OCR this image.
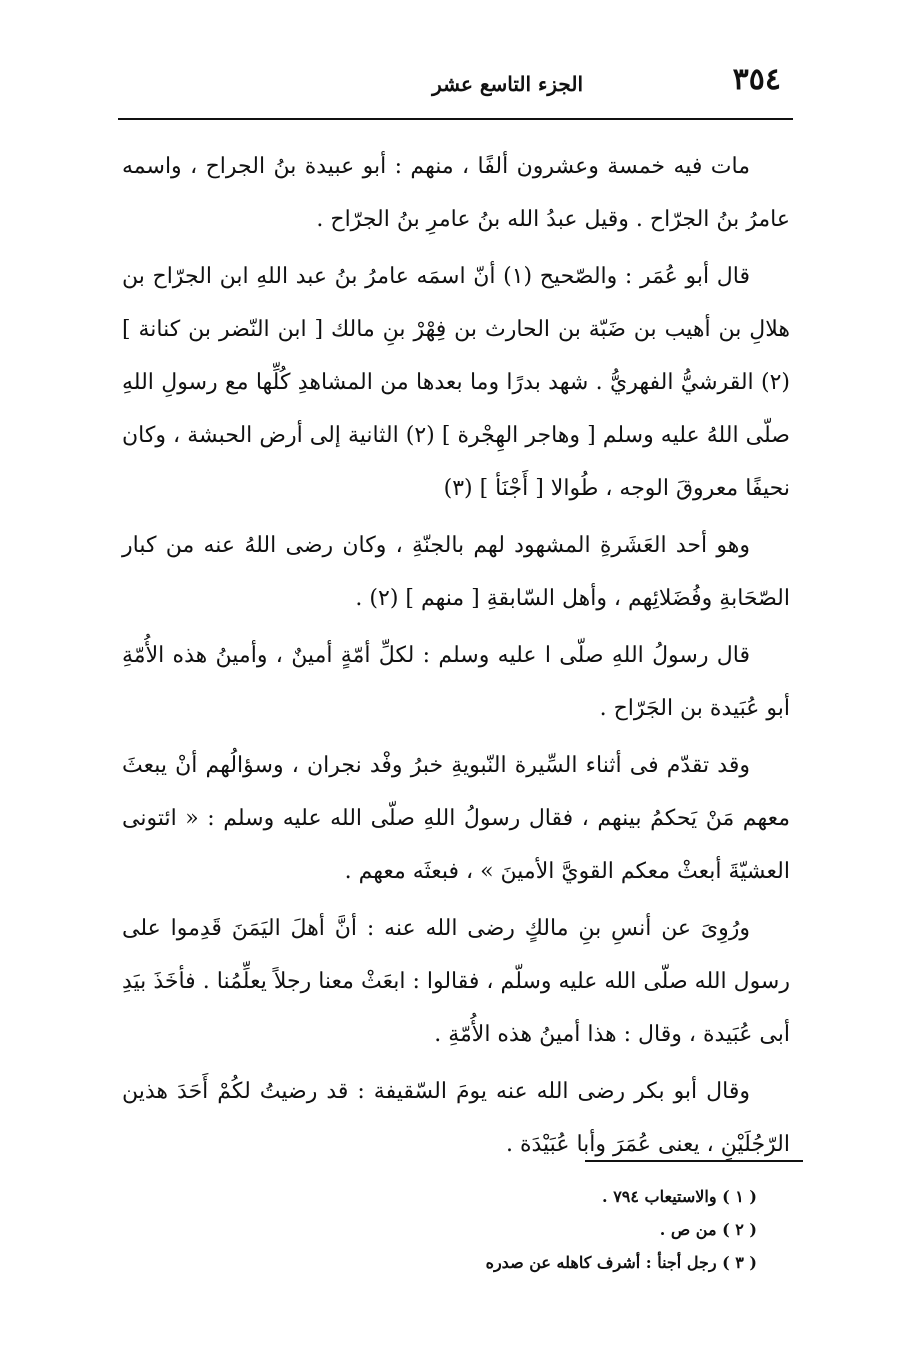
٣٥٤
الجزء التاسع عشر

مات فيه خمسة وعشرون ألفًا ، منهم : أبو عبيدة بنُ الجراح ، واسمه عامرُ بنُ الجرّاح . وقيل عبدُ الله بنُ عامرِ بنُ الجرّاح .

قال أبو عُمَر : والصّحيح (١) أنّ اسمَه عامرُ بنُ عبد اللهِ ابن الجرّاح بن هلالِ بن أهيب بن ضَبّة بن الحارث بن فِهْرْ بنِ مالك [ ابن النّضر بن كنانة ] (٢) القرشيُّ الفهريُّ . شهد بدرًا وما بعدها من المشاهدِ كُلِّها مع رسولِ اللهِ صلّى اللهُ عليه وسلم [ وهاجر الهِجْرة ] (٢) الثانية إلى أرض الحبشة ، وكان نحيفًا معروقَ الوجه ، طُوالا [ أَجْنَأ ] (٣)

وهو أحد العَشَرةِ المشهود لهم بالجنّةِ ، وكان رضى اللهُ عنه من كبار الصّحَابةِ وفُضَلائِهم ، وأهل السّابقةِ [ منهم ] (٢) .

قال رسولُ اللهِ صلّى ا عليه وسلم : لكلِّ أمّةٍ أمينٌ ، وأمينُ هذه الأُمّةِ أبو عُبَيدة بن الجَرّاح .

وقد تقدّم فى أثناء السِّيرة النّبويةِ خبرُ وفْد نجران ، وسؤالُهم أنْ يبعثَ معهم مَنْ يَحكمُ بينهم ، فقال رسولُ اللهِ صلّى الله عليه وسلم : « ائتونى العشيّةَ أبعثْ معكم القويَّ الأمينَ » ، فبعثَه معهم .

ورُوِىَ عن أنسِ بنِ مالكٍ رضى الله عنه : أنَّ أهلَ اليَمَنَ قَدِموا على رسول الله صلّى الله عليه وسلّم ، فقالوا : ابعَثْ معنا رجلاً يعلِّمُنا . فأخَذَ بيَدِ أبى عُبَيدة ، وقال : هذا أمينُ هذه الأُمّةِ .

وقال أبو بكر رضى الله عنه يومَ السّقيفة : قد رضيتُ لكُمْ أَحَدَ هذين الرّجُلَيْنِ ، يعنى عُمَرَ وأبا عُبَيْدَة .

( ١ ) والاستيعاب ٧٩٤ .

( ٢ ) من ص .

( ٣ ) رجل أجنأ : أشرف كاهله عن صدره
